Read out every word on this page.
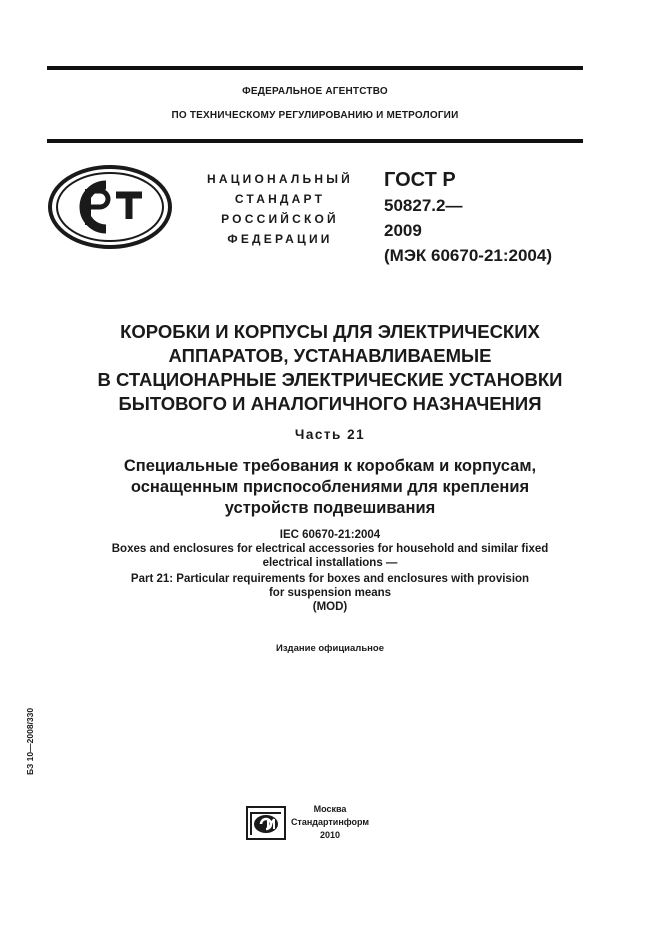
ФЕДЕРАЛЬНОЕ АГЕНТСТВО
ПО ТЕХНИЧЕСКОМУ РЕГУЛИРОВАНИЮ И МЕТРОЛОГИИ
НАЦИОНАЛЬНЫЙ
СТАНДАРТ
РОССИЙСКОЙ
ФЕДЕРАЦИИ
ГОСТ Р
50827.2—
2009
(МЭК 60670-21:2004)
КОРОБКИ И КОРПУСЫ ДЛЯ ЭЛЕКТРИЧЕСКИХ
АППАРАТОВ, УСТАНАВЛИВАЕМЫЕ
В СТАЦИОНАРНЫЕ ЭЛЕКТРИЧЕСКИЕ УСТАНОВКИ
БЫТОВОГО И АНАЛОГИЧНОГО НАЗНАЧЕНИЯ
Часть 21
Специальные требования к коробкам и корпусам,
оснащенным приспособлениями для крепления
устройств подвешивания
IEC 60670-21:2004
Boxes and enclosures for electrical accessories for household and similar fixed
electrical installations —
Part 21: Particular requirements for boxes and enclosures with provision
for suspension means
(MOD)
Издание официальное
БЗ 10—2008/330
Москва
Стандартинформ
2010
